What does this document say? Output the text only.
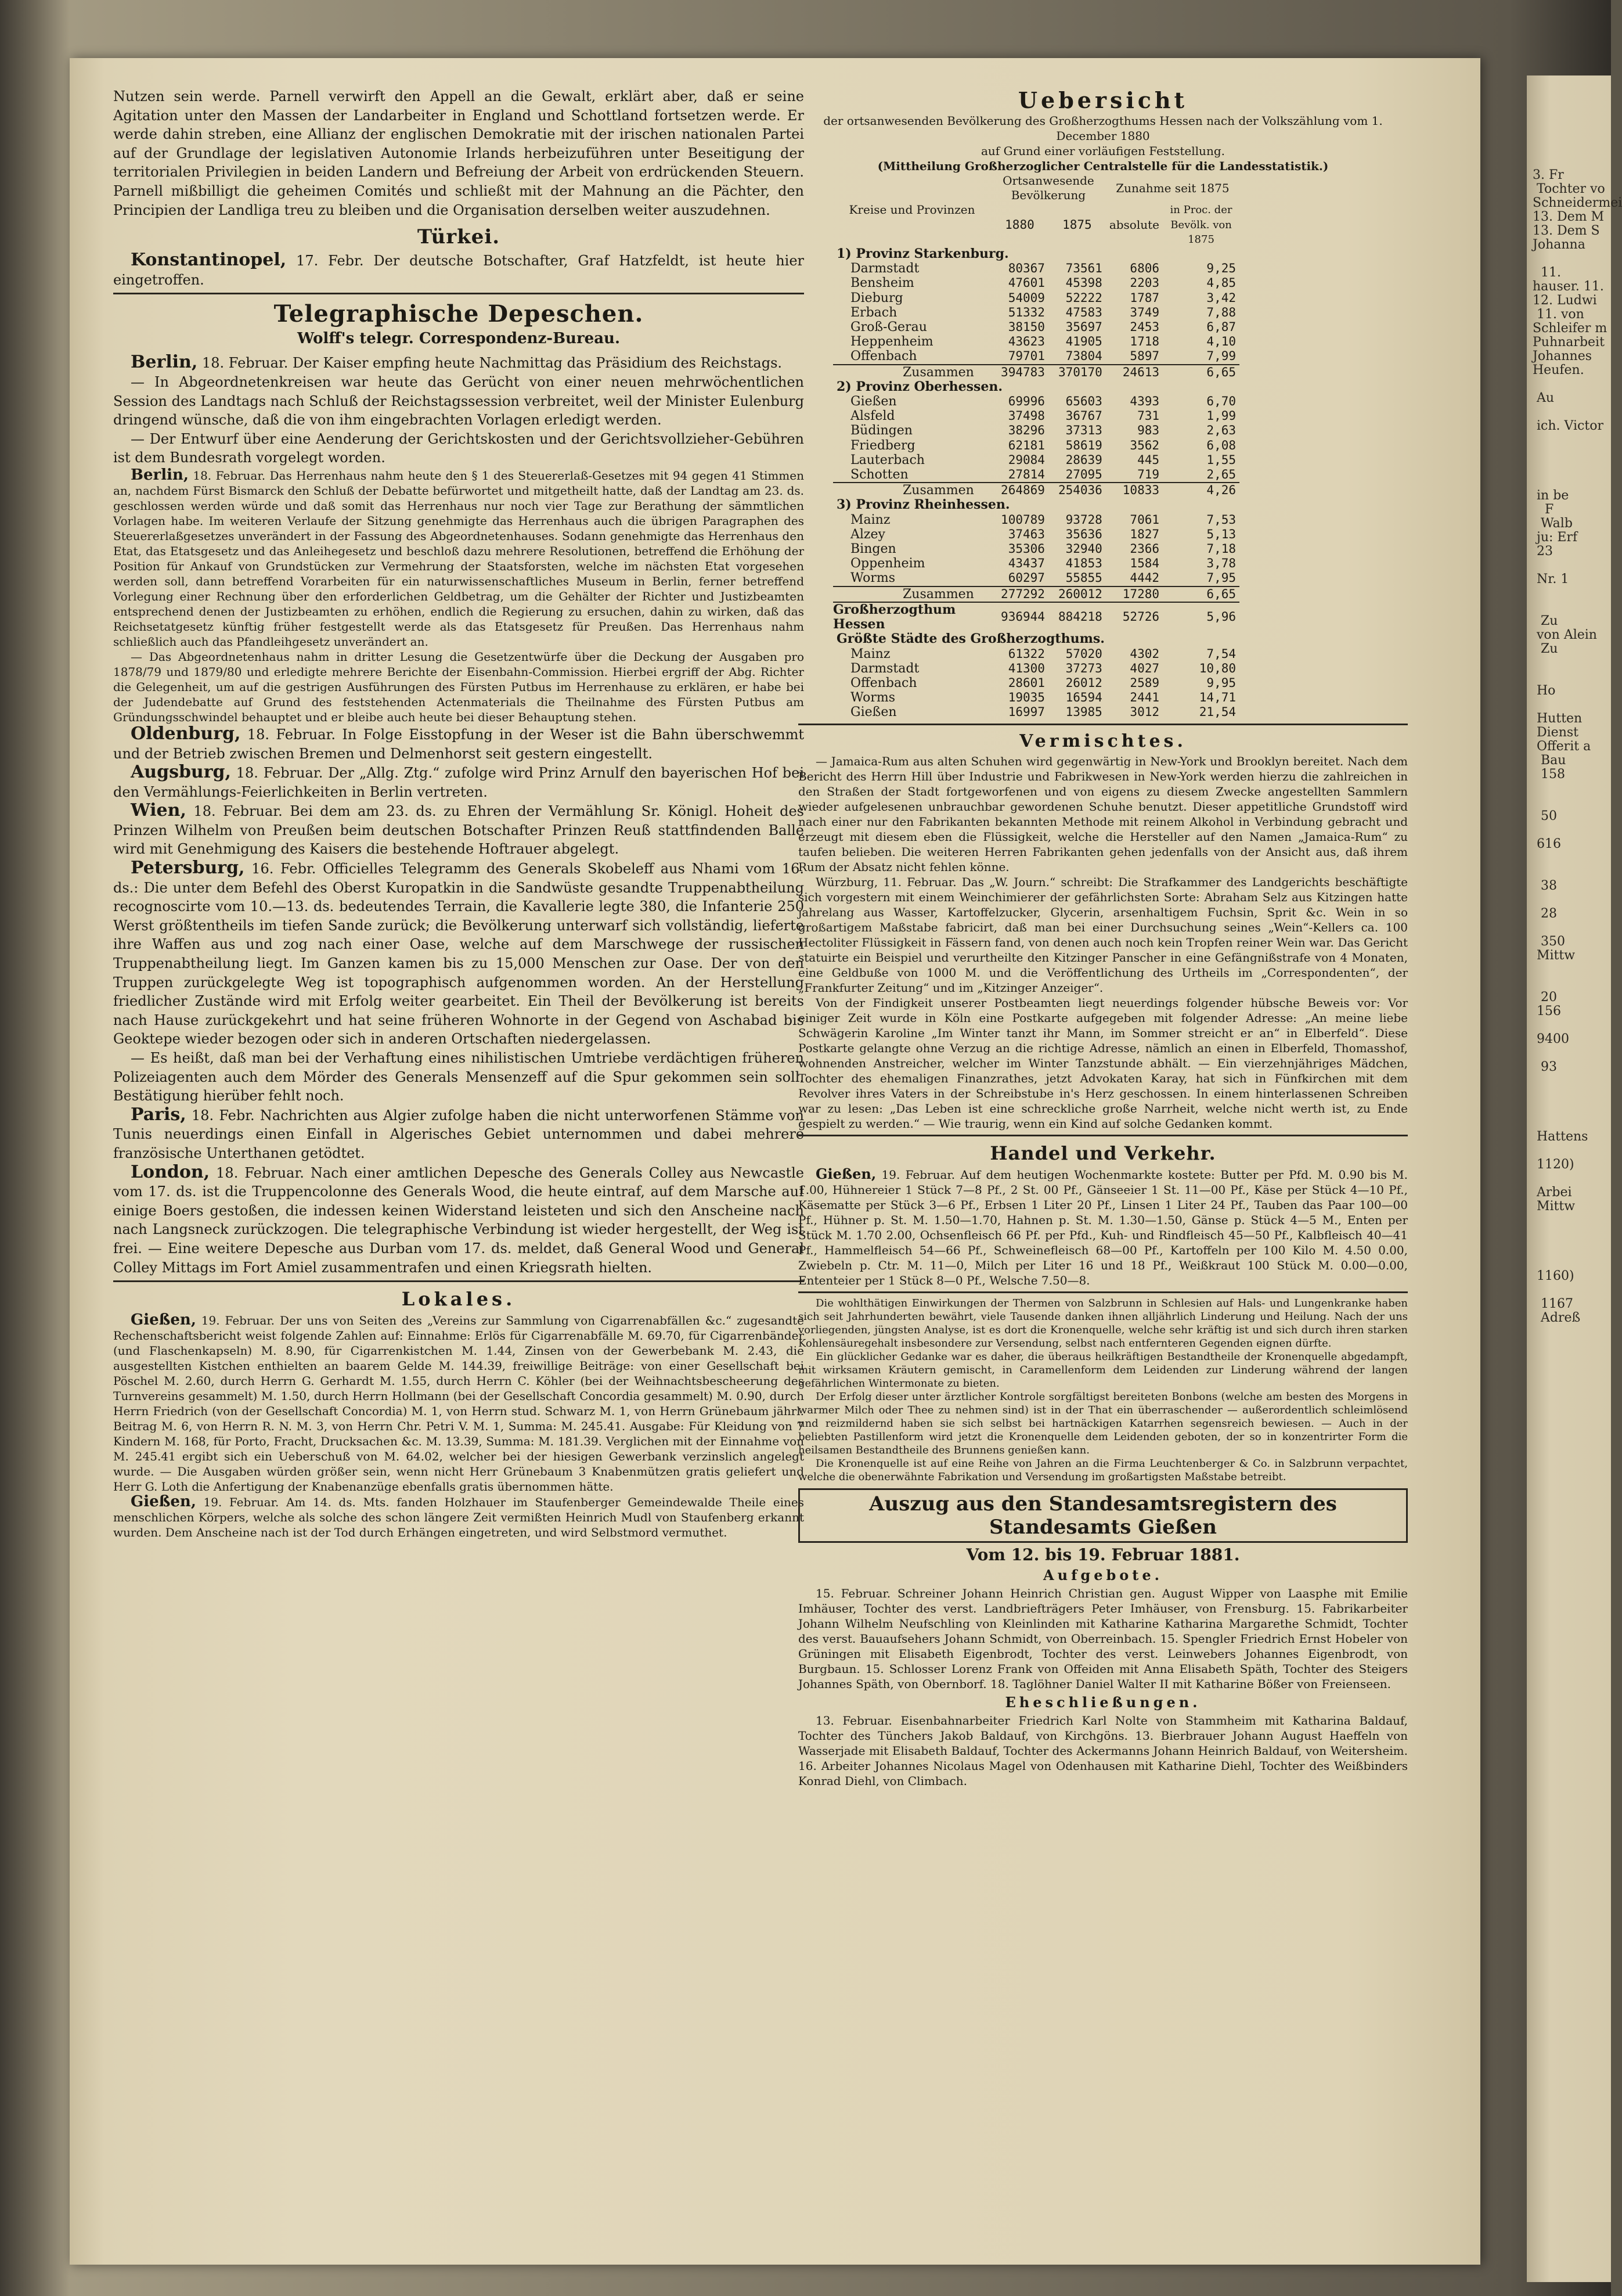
3. Fr
Tochter vo
Schneidermei
13. Dem M
13. Dem S
Johanna

11.
hauser. 11.
12. Ludwi
11. von
Schleifer m
Puhnarbeit
Johannes
Heufen.

Au

ich. Victor

in be
F
Walb
ju: Erf
23

Nr. 1

Zu
von Alein
Zu

Ho

Hutten
Dienst
Offerit a
Bau
158

50

616

38

28

350
Mittw

20
156

9400

93

Hattens

1120)

Arbei
Mittw

1160)

1167
Adreß

Nutzen sein werde. Parnell verwirft den Appell an die Gewalt, erklärt aber, daß er seine Agitation unter den Massen der Landarbeiter in England und Schottland fortsetzen werde. Er werde dahin streben, eine Allianz der englischen Demokratie mit der irischen nationalen Partei auf der Grundlage der legislativen Autonomie Irlands herbeizuführen unter Beseitigung der territorialen Privilegien in beiden Landern und Befreiung der Arbeit von erdrückenden Steuern. Parnell mißbilligt die geheimen Comités und schließt mit der Mahnung an die Pächter, den Principien der Landliga treu zu bleiben und die Organisation derselben weiter auszudehnen.

Türkei.

Konstantinopel, 17. Febr. Der deutsche Botschafter, Graf Hatzfeldt, ist heute hier eingetroffen.

Telegraphische Depeschen.
Wolff's telegr. Correspondenz-Bureau.

Berlin, 18. Februar. Der Kaiser empfing heute Nachmittag das Präsidium des Reichstags.

— In Abgeordnetenkreisen war heute das Gerücht von einer neuen mehrwöchentlichen Session des Landtags nach Schluß der Reichstagssession verbreitet, weil der Minister Eulenburg dringend wünsche, daß die von ihm eingebrachten Vorlagen erledigt werden.

— Der Entwurf über eine Aenderung der Gerichtskosten und der Gerichtsvollzieher-Gebühren ist dem Bundesrath vorgelegt worden.

Berlin, 18. Februar. Das Herrenhaus nahm heute den § 1 des Steuererlaß-Gesetzes mit 94 gegen 41 Stimmen an, nachdem Fürst Bismarck den Schluß der Debatte befürwortet und mitgetheilt hatte, daß der Landtag am 23. ds. geschlossen werden würde und daß somit das Herrenhaus nur noch vier Tage zur Berathung der sämmtlichen Vorlagen habe. Im weiteren Verlaufe der Sitzung genehmigte das Herrenhaus auch die übrigen Paragraphen des Steuererlaßgesetzes unverändert in der Fassung des Abgeordnetenhauses. Sodann genehmigte das Herrenhaus den Etat, das Etatsgesetz und das Anleihegesetz und beschloß dazu mehrere Resolutionen, betreffend die Erhöhung der Position für Ankauf von Grundstücken zur Vermehrung der Staatsforsten, welche im nächsten Etat vorgesehen werden soll, dann betreffend Vorarbeiten für ein naturwissenschaftliches Museum in Berlin, ferner betreffend Vorlegung einer Rechnung über den erforderlichen Geldbetrag, um die Gehälter der Richter und Justizbeamten entsprechend denen der Justizbeamten zu erhöhen, endlich die Regierung zu ersuchen, dahin zu wirken, daß das Reichsetatgesetz künftig früher festgestellt werde als das Etatsgesetz für Preußen. Das Herrenhaus nahm schließlich auch das Pfandleihgesetz unverändert an.

— Das Abgeordnetenhaus nahm in dritter Lesung die Gesetzentwürfe über die Deckung der Ausgaben pro 1878/79 und 1879/80 und erledigte mehrere Berichte der Eisenbahn-Commission. Hierbei ergriff der Abg. Richter die Gelegenheit, um auf die gestrigen Ausführungen des Fürsten Putbus im Herrenhause zu erklären, er habe bei der Judendebatte auf Grund des feststehenden Actenmaterials die Theilnahme des Fürsten Putbus am Gründungsschwindel behauptet und er bleibe auch heute bei dieser Behauptung stehen.

Oldenburg, 18. Februar. In Folge Eisstopfung in der Weser ist die Bahn überschwemmt und der Betrieb zwischen Bremen und Delmenhorst seit gestern eingestellt.

Augsburg, 18. Februar. Der „Allg. Ztg.“ zufolge wird Prinz Arnulf den bayerischen Hof bei den Vermählungs-Feierlichkeiten in Berlin vertreten.

Wien, 18. Februar. Bei dem am 23. ds. zu Ehren der Vermählung Sr. Königl. Hoheit des Prinzen Wilhelm von Preußen beim deutschen Botschafter Prinzen Reuß stattfindenden Balle wird mit Genehmigung des Kaisers die bestehende Hoftrauer abgelegt.

Petersburg, 16. Febr. Officielles Telegramm des Generals Skobeleff aus Nhami vom 16. ds.: Die unter dem Befehl des Oberst Kuropatkin in die Sandwüste gesandte Truppenabtheilung recognoscirte vom 10.—13. ds. bedeutendes Terrain, die Kavallerie legte 380, die Infanterie 250 Werst größtentheils im tiefen Sande zurück; die Bevölkerung unterwarf sich vollständig, lieferte ihre Waffen aus und zog nach einer Oase, welche auf dem Marschwege der russischen Truppenabtheilung liegt. Im Ganzen kamen bis zu 15,000 Menschen zur Oase. Der von den Truppen zurückgelegte Weg ist topographisch aufgenommen worden. An der Herstellung friedlicher Zustände wird mit Erfolg weiter gearbeitet. Ein Theil der Bevölkerung ist bereits nach Hause zurückgekehrt und hat seine früheren Wohnorte in der Gegend von Aschabad bis Geoktepe wieder bezogen oder sich in anderen Ortschaften niedergelassen.

— Es heißt, daß man bei der Verhaftung eines nihilistischen Umtriebe verdächtigen früheren Polizeiagenten auch dem Mörder des Generals Mensenzeff auf die Spur gekommen sein soll. Bestätigung hierüber fehlt noch.

Paris, 18. Febr. Nachrichten aus Algier zufolge haben die nicht unterworfenen Stämme von Tunis neuerdings einen Einfall in Algerisches Gebiet unternommen und dabei mehrere französische Unterthanen getödtet.

London, 18. Februar. Nach einer amtlichen Depesche des Generals Colley aus Newcastle vom 17. ds. ist die Truppencolonne des Generals Wood, die heute eintraf, auf dem Marsche auf einige Boers gestoßen, die indessen keinen Widerstand leisteten und sich den Anscheine nach nach Langsneck zurückzogen. Die telegraphische Verbindung ist wieder hergestellt, der Weg ist frei. — Eine weitere Depesche aus Durban vom 17. ds. meldet, daß General Wood und General Colley Mittags im Fort Amiel zusammentrafen und einen Kriegsrath hielten.

Lokales.

Gießen, 19. Februar. Der uns von Seiten des „Vereins zur Sammlung von Cigarrenabfällen &c.“ zugesandte Rechenschaftsbericht weist folgende Zahlen auf: Einnahme: Erlös für Cigarrenabfälle M. 69.70, für Cigarrenbänder (und Flaschenkapseln) M. 8.90, für Cigarrenkistchen M. 1.44, Zinsen von der Gewerbebank M. 2.43, die ausgestellten Kistchen enthielten an baarem Gelde M. 144.39, freiwillige Beiträge: von einer Gesellschaft bei Pöschel M. 2.60, durch Herrn G. Gerhardt M. 1.55, durch Herrn C. Köhler (bei der Weihnachtsbescheerung des Turnvereins gesammelt) M. 1.50, durch Herrn Hollmann (bei der Gesellschaft Concordia gesammelt) M. 0.90, durch Herrn Friedrich (von der Gesellschaft Concordia) M. 1, von Herrn stud. Schwarz M. 1, von Herrn Grünebaum jährl. Beitrag M. 6, von Herrn R. N. M. 3, von Herrn Chr. Petri V. M. 1, Summa: M. 245.41. Ausgabe: Für Kleidung von 7 Kindern M. 168, für Porto, Fracht, Drucksachen &c. M. 13.39, Summa: M. 181.39. Verglichen mit der Einnahme von M. 245.41 ergibt sich ein Ueberschuß von M. 64.02, welcher bei der hiesigen Gewerbank verzinslich angelegt wurde. — Die Ausgaben würden größer sein, wenn nicht Herr Grünebaum 3 Knabenmützen gratis geliefert und Herr G. Loth die Anfertigung der Knabenanzüge ebenfalls gratis übernommen hätte.

Gießen, 19. Februar. Am 14. ds. Mts. fanden Holzhauer im Staufenberger Gemeindewalde Theile eines menschlichen Körpers, welche als solche des schon längere Zeit vermißten Heinrich Mudl von Staufenberg erkannt wurden. Dem Anscheine nach ist der Tod durch Erhängen eingetreten, und wird Selbstmord vermuthet.

Uebersicht
der ortsanwesenden Bevölkerung des Großherzogthums Hessen nach der Volkszählung vom 1. December 1880
auf Grund einer vorläufigen Feststellung.
(Mittheilung Großherzoglicher Centralstelle für die Landesstatistik.)
Kreise und Provinzen	Ortsanwesende Bevölkerung		Zunahme seit 1875	
	1880	1875	absolute	in Proc. der Bevölk. von 1875
1) Provinz Starkenburg.				
Darmstadt	80367	73561	6806	9,25
Bensheim	47601	45398	2203	4,85
Dieburg	54009	52222	1787	3,42
Erbach	51332	47583	3749	7,88
Groß-Gerau	38150	35697	2453	6,87
Heppenheim	43623	41905	1718	4,10
Offenbach	79701	73804	5897	7,99
Zusammen	394783	370170	24613	6,65
2) Provinz Oberhessen.				
Gießen	69996	65603	4393	6,70
Alsfeld	37498	36767	731	1,99
Büdingen	38296	37313	983	2,63
Friedberg	62181	58619	3562	6,08
Lauterbach	29084	28639	445	1,55
Schotten	27814	27095	719	2,65
Zusammen	264869	254036	10833	4,26
3) Provinz Rheinhessen.				
Mainz	100789	93728	7061	7,53
Alzey	37463	35636	1827	5,13
Bingen	35306	32940	2366	7,18
Oppenheim	43437	41853	1584	3,78
Worms	60297	55855	4442	7,95
Zusammen	277292	260012	17280	6,65
Großherzogthum Hessen	936944	884218	52726	5,96
Größte Städte des Großherzogthums.				
Mainz	61322	57020	4302	7,54
Darmstadt	41300	37273	4027	10,80
Offenbach	28601	26012	2589	9,95
Worms	19035	16594	2441	14,71
Gießen	16997	13985	3012	21,54
Vermischtes.

— Jamaica-Rum aus alten Schuhen wird gegenwärtig in New-York und Brooklyn bereitet. Nach dem Bericht des Herrn Hill über Industrie und Fabrikwesen in New-York werden hierzu die zahlreichen in den Straßen der Stadt fortgeworfenen und von eigens zu diesem Zwecke angestellten Sammlern wieder aufgelesenen unbrauchbar gewordenen Schuhe benutzt. Dieser appetitliche Grundstoff wird nach einer nur den Fabrikanten bekannten Methode mit reinem Alkohol in Verbindung gebracht und erzeugt mit diesem eben die Flüssigkeit, welche die Hersteller auf den Namen „Jamaica-Rum“ zu taufen belieben. Die weiteren Herren Fabrikanten gehen jedenfalls von der Ansicht aus, daß ihrem Rum der Absatz nicht fehlen könne.

Würzburg, 11. Februar. Das „W. Journ.“ schreibt: Die Strafkammer des Landgerichts beschäftigte sich vorgestern mit einem Weinchimierer der gefährlichsten Sorte: Abraham Selz aus Kitzingen hatte jahrelang aus Wasser, Kartoffelzucker, Glycerin, arsenhaltigem Fuchsin, Sprit &c. Wein in so großartigem Maßstabe fabricirt, daß man bei einer Durchsuchung seines „Wein“-Kellers ca. 100 Hectoliter Flüssigkeit in Fässern fand, von denen auch noch kein Tropfen reiner Wein war. Das Gericht statuirte ein Beispiel und verurtheilte den Kitzinger Panscher in eine Gefängnißstrafe von 4 Monaten, eine Geldbuße von 1000 M. und die Veröffentlichung des Urtheils im „Correspondenten“, der „Frankfurter Zeitung“ und im „Kitzinger Anzeiger“.

Von der Findigkeit unserer Postbeamten liegt neuerdings folgender hübsche Beweis vor: Vor einiger Zeit wurde in Köln eine Postkarte aufgegeben mit folgender Adresse: „An meine liebe Schwägerin Karoline „Im Winter tanzt ihr Mann, im Sommer streicht er an“ in Elberfeld“. Diese Postkarte gelangte ohne Verzug an die richtige Adresse, nämlich an einen in Elberfeld, Thomasshof, wohnenden Anstreicher, welcher im Winter Tanzstunde abhält. — Ein vierzehnjähriges Mädchen, Tochter des ehemaligen Finanzrathes, jetzt Advokaten Karay, hat sich in Fünfkirchen mit dem Revolver ihres Vaters in der Schreibstube in's Herz geschossen. In einem hinterlassenen Schreiben war zu lesen: „Das Leben ist eine schreckliche große Narrheit, welche nicht werth ist, zu Ende gespielt zu werden.“ — Wie traurig, wenn ein Kind auf solche Gedanken kommt.

Handel und Verkehr.

Gießen, 19. Februar. Auf dem heutigen Wochenmarkte kostete: Butter per Pfd. M. 0.90 bis M. 1.00, Hühnereier 1 Stück 7—8 Pf., 2 St. 00 Pf., Gänseeier 1 St. 11—00 Pf., Käse per Stück 4—10 Pf., Käsematte per Stück 3—6 Pf., Erbsen 1 Liter 20 Pf., Linsen 1 Liter 24 Pf., Tauben das Paar 100—00 Pf., Hühner p. St. M. 1.50—1.70, Hahnen p. St. M. 1.30—1.50, Gänse p. Stück 4—5 M., Enten per Stück M. 1.70 2.00, Ochsenfleisch 66 Pf. per Pfd., Kuh- und Rindfleisch 45—50 Pf., Kalbfleisch 40—41 Pf., Hammelfleisch 54—66 Pf., Schweinefleisch 68—00 Pf., Kartoffeln per 100 Kilo M. 4.50 0.00, Zwiebeln p. Ctr. M. 11—0, Milch per Liter 16 und 18 Pf., Weißkraut 100 Stück M. 0.00—0.00, Ententeier per 1 Stück 8—0 Pf., Welsche 7.50—8.

Die wohlthätigen Einwirkungen der Thermen von Salzbrunn in Schlesien auf Hals- und Lungenkranke haben sich seit Jahrhunderten bewährt, viele Tausende danken ihnen alljährlich Linderung und Heilung. Nach der uns vorliegenden, jüngsten Analyse, ist es dort die Kronenquelle, welche sehr kräftig ist und sich durch ihren starken Kohlensäuregehalt insbesondere zur Versendung, selbst nach entfernteren Gegenden eignen dürfte.

Ein glücklicher Gedanke war es daher, die überaus heilkräftigen Bestandtheile der Kronenquelle abgedampft, mit wirksamen Kräutern gemischt, in Caramellenform dem Leidenden zur Linderung während der langen gefährlichen Wintermonate zu bieten.

Der Erfolg dieser unter ärztlicher Kontrole sorgfältigst bereiteten Bonbons (welche am besten des Morgens in warmer Milch oder Thee zu nehmen sind) ist in der That ein überraschender — außerordentlich schleimlösend und reizmildernd haben sie sich selbst bei hartnäckigen Katarrhen segensreich bewiesen. — Auch in der beliebten Pastillenform wird jetzt die Kronenquelle dem Leidenden geboten, der so in konzentrirter Form die heilsamen Bestandtheile des Brunnens genießen kann.

Die Kronenquelle ist auf eine Reihe von Jahren an die Firma Leuchtenberger & Co. in Salzbrunn verpachtet, welche die obenerwähnte Fabrikation und Versendung im großartigsten Maßstabe betreibt.

Auszug aus den Standesamtsregistern des Standesamts Gießen
Vom 12. bis 19. Februar 1881.
Aufgebote.

15. Februar. Schreiner Johann Heinrich Christian gen. August Wipper von Laasphe mit Emilie Imhäuser, Tochter des verst. Landbriefträgers Peter Imhäuser, von Frensburg. 15. Fabrikarbeiter Johann Wilhelm Neufschling von Kleinlinden mit Katharine Katharina Margarethe Schmidt, Tochter des verst. Bauaufsehers Johann Schmidt, von Oberreinbach. 15. Spengler Friedrich Ernst Hobeler von Grüningen mit Elisabeth Eigenbrodt, Tochter des verst. Leinwebers Johannes Eigenbrodt, von Burgbaun. 15. Schlosser Lorenz Frank von Offeiden mit Anna Elisabeth Späth, Tochter des Steigers Johannes Späth, von Obernborf. 18. Taglöhner Daniel Walter II mit Katharine Bößer von Freienseen.

Eheschließungen.

13. Februar. Eisenbahnarbeiter Friedrich Karl Nolte von Stammheim mit Katharina Baldauf, Tochter des Tünchers Jakob Baldauf, von Kirchgöns. 13. Bierbrauer Johann August Haeffeln von Wasserjade mit Elisabeth Baldauf, Tochter des Ackermanns Johann Heinrich Baldauf, von Weitersheim. 16. Arbeiter Johannes Nicolaus Magel von Odenhausen mit Katharine Diehl, Tochter des Weißbinders Konrad Diehl, von Climbach.
